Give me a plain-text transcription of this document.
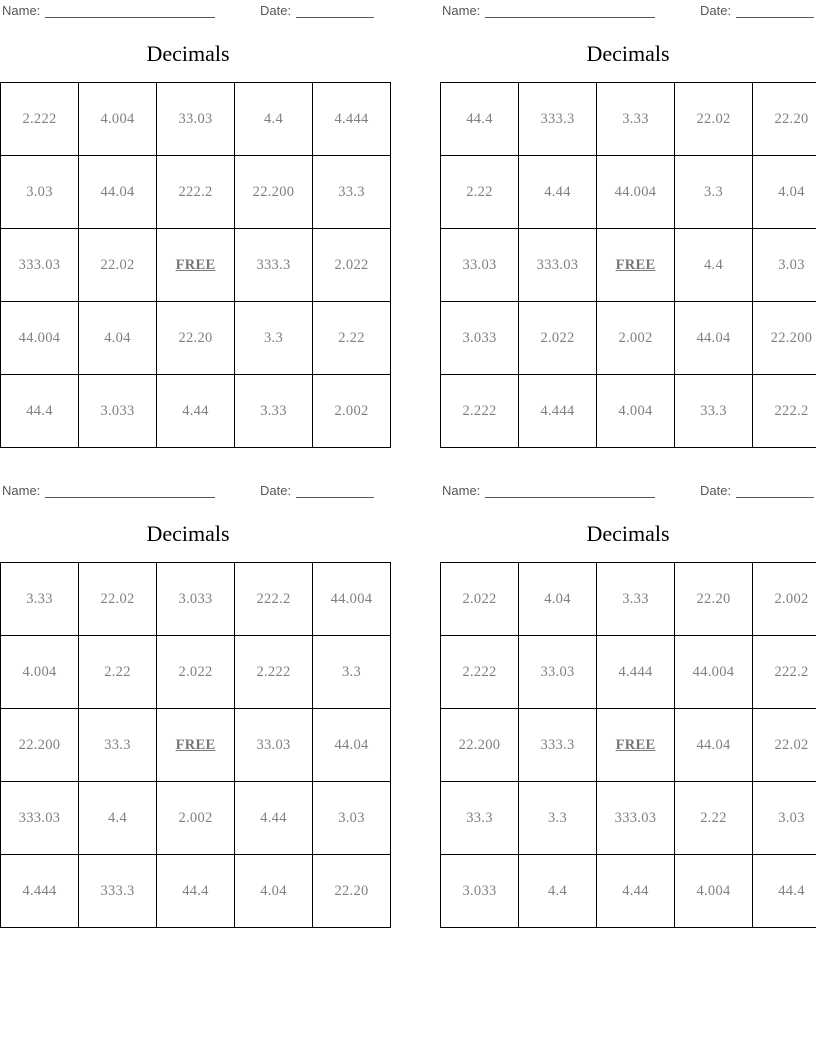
Name:	Date:
Decimals
2.222	4.004	33.03	4.4	4.444
3.03	44.04	222.2	22.200	33.3
333.03	22.02	FREE	333.3	2.022
44.004	4.04	22.20	3.3	2.22
44.4	3.033	4.44	3.33	2.002
Name:	Date:
Decimals
44.4	333.3	3.33	22.02	22.20
2.22	4.44	44.004	3.3	4.04
33.03	333.03	FREE	4.4	3.03
3.033	2.022	2.002	44.04	22.200
2.222	4.444	4.004	33.3	222.2
Name:	Date:
Decimals
3.33	22.02	3.033	222.2	44.004
4.004	2.22	2.022	2.222	3.3
22.200	33.3	FREE	33.03	44.04
333.03	4.4	2.002	4.44	3.03
4.444	333.3	44.4	4.04	22.20
Name:	Date:
Decimals
2.022	4.04	3.33	22.20	2.002
2.222	33.03	4.444	44.004	222.2
22.200	333.3	FREE	44.04	22.02
33.3	3.3	333.03	2.22	3.03
3.033	4.4	4.44	4.004	44.4
